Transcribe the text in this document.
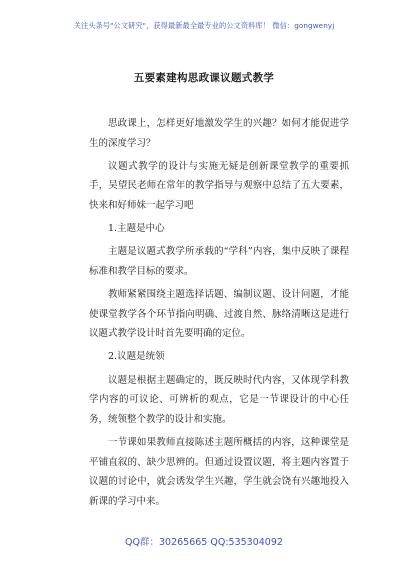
关注头条号"公文研究"，获得最新最全最专业的公文资料库！ 微信：gongwenyj
五要素建构思政课议题式教学

思政课上，怎样更好地激发学生的兴趣？如何才能促进学生的深度学习？

议题式教学的设计与实施无疑是创新课堂教学的重要抓手，吴望民老师在常年的教学指导与观察中总结了五大要素，快来和好师妹一起学习吧

1.主题是中心

主题是议题式教学所承载的“学科”内容，集中反映了课程标准和教学目标的要求。

教师紧紧围绕主题选择话题、编制议题、设计问题，才能使课堂教学各个环节指向明确、过渡自然、脉络清晰这是进行议题式教学设计时首先要明确的定位。

2.议题是统领

议题是根据主题确定的，既反映时代内容，又体现学科教学内容的可议论、可辨析的观点，它是一节课设计的中心任务，统领整个教学的设计和实施。

一节课如果教师直接陈述主题所概括的内容，这种课堂是平铺直叙的、缺少思辨的。但通过设置议题，将主题内容置于议题的讨论中，就会诱发学生兴趣，学生就会饶有兴趣地投入新课的学习中来。

QQ群：30265665 QQ:535304092
